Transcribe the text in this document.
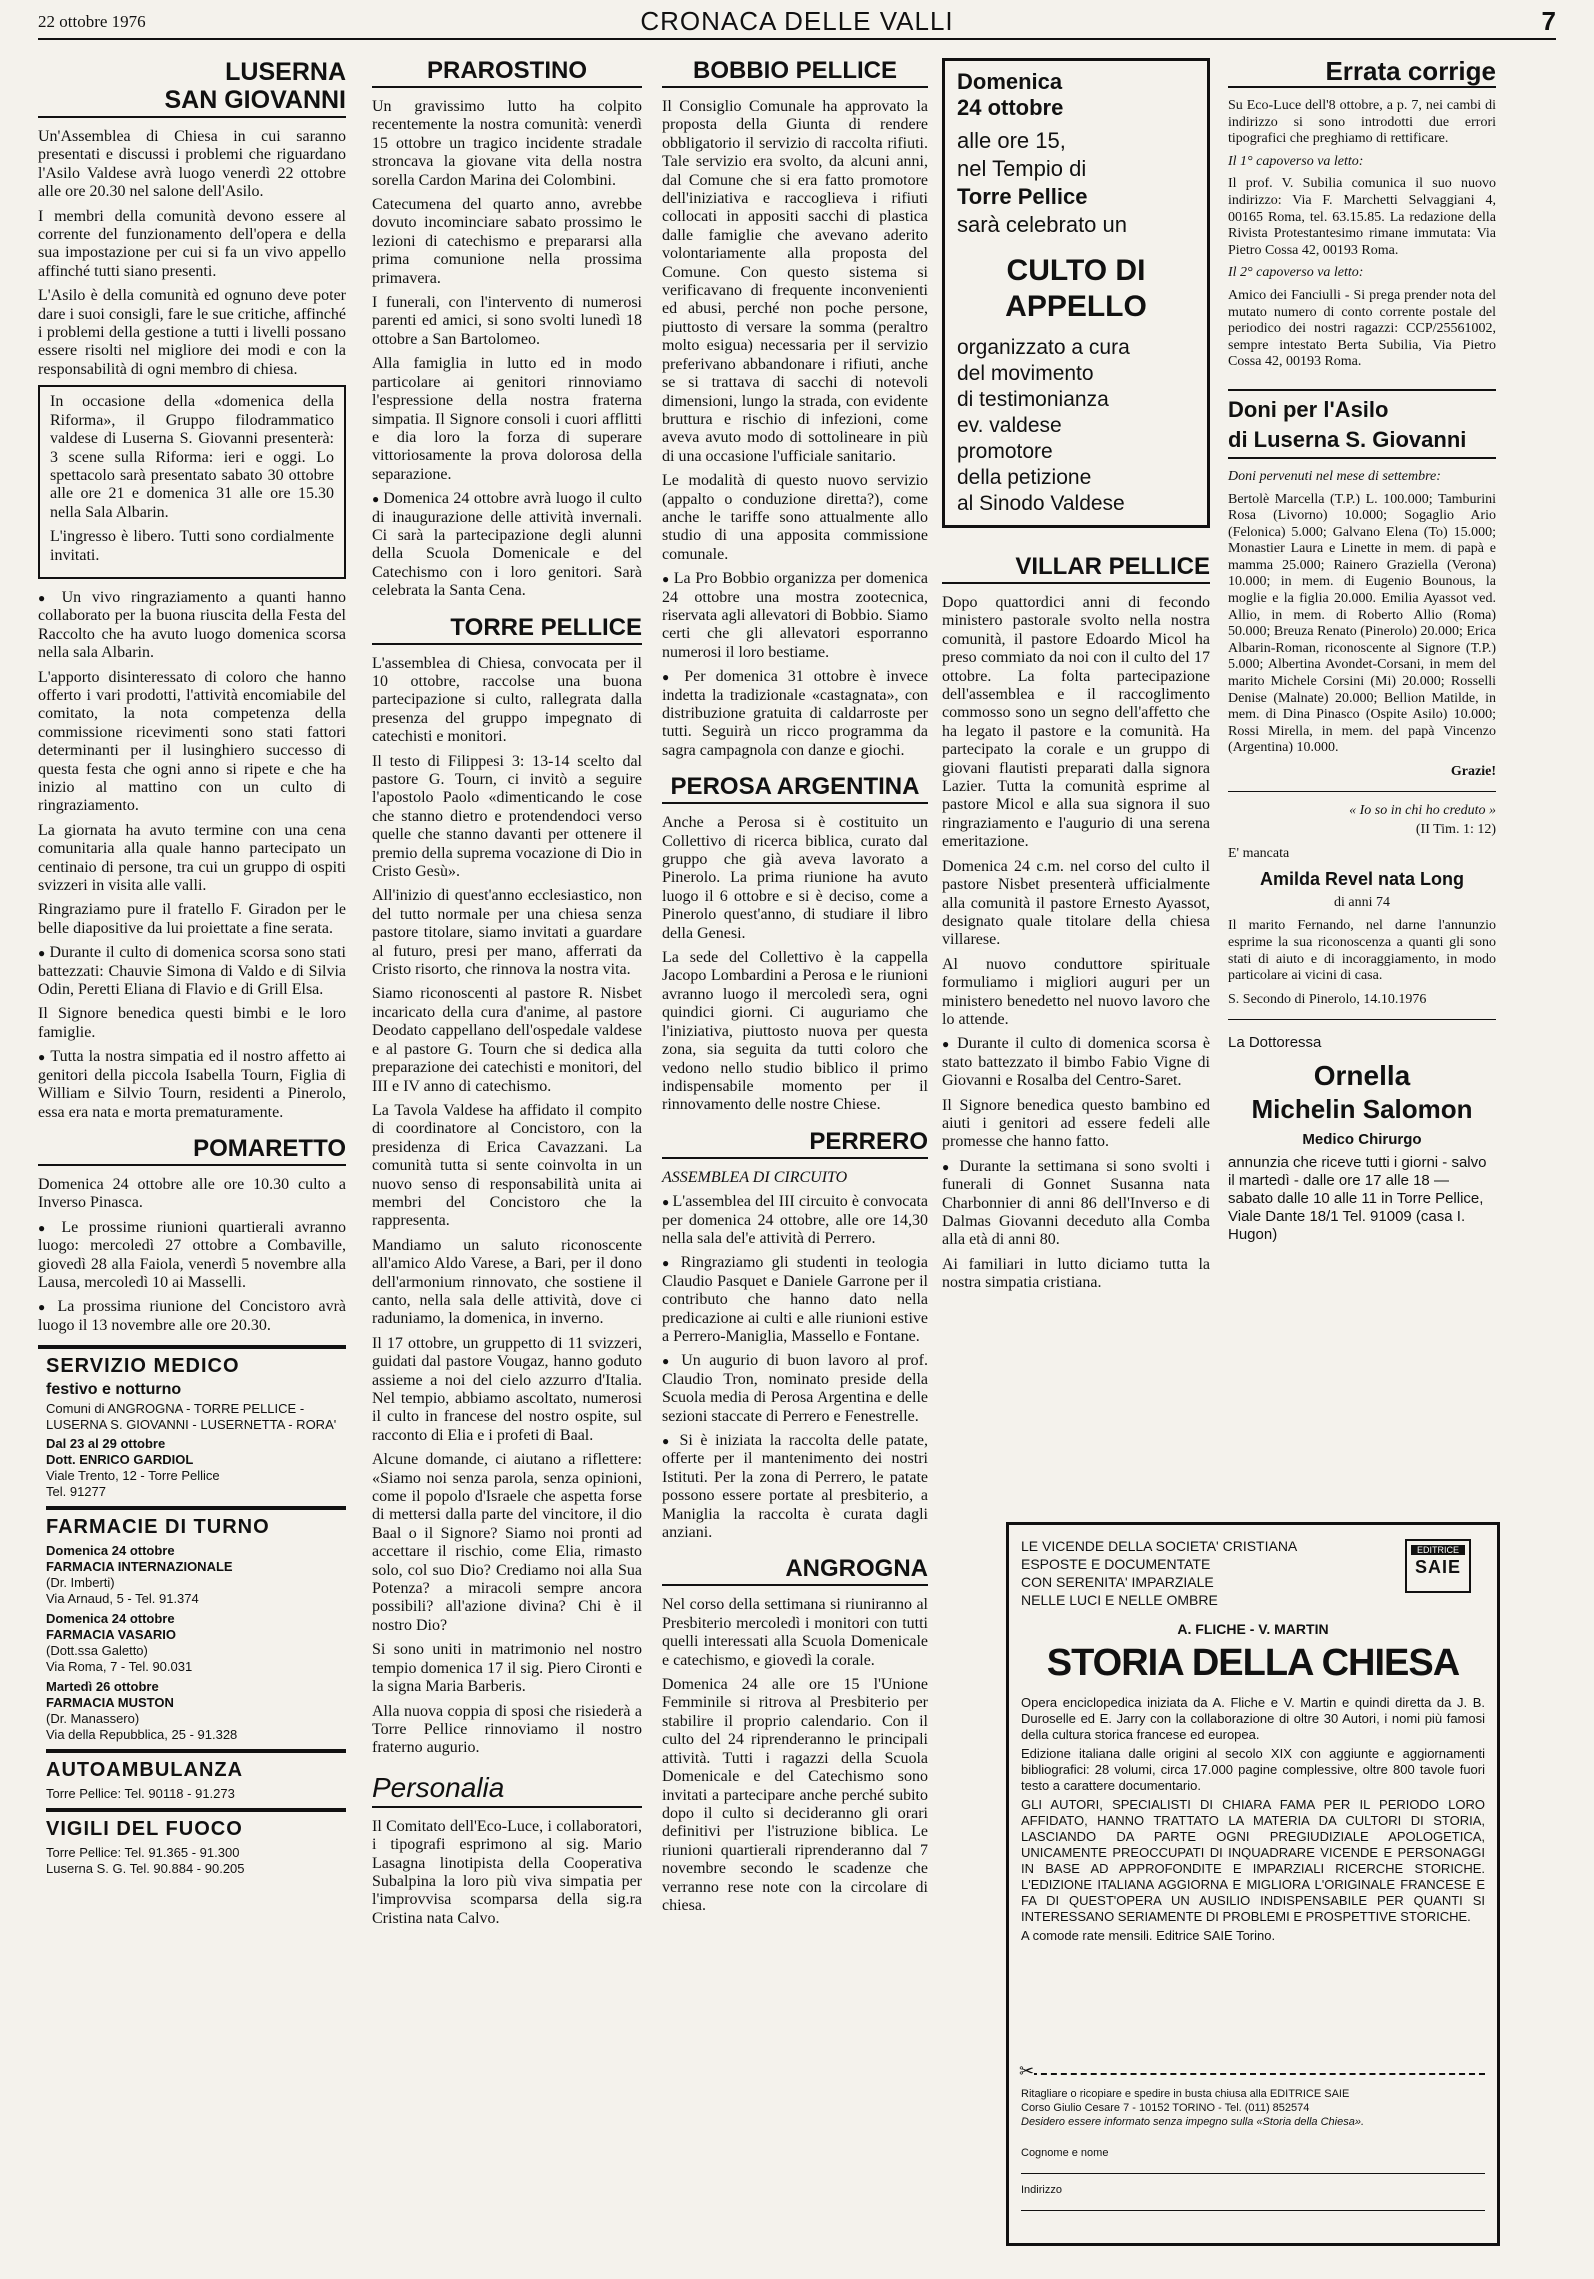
22 ottobre 1976	CRONACA DELLE VALLI	7
LUSERNA
SAN GIOVANNI

Un'Assemblea di Chiesa in cui saranno presentati e discussi i problemi che riguardano l'Asilo Valdese avrà luogo venerdì 22 ottobre alle ore 20.30 nel salone dell'Asilo.

I membri della comunità devono essere al corrente del funzionamento dell'opera e della sua impostazione per cui si fa un vivo appello affinché tutti siano presenti.

L'Asilo è della comunità ed ognuno deve poter dare i suoi consigli, fare le sue critiche, affinché i problemi della gestione a tutti i livelli possano essere risolti nel migliore dei modi e con la responsabilità di ogni membro di chiesa.

In occasione della «domenica della Riforma», il Gruppo filodrammatico valdese di Luserna S. Giovanni presenterà: 3 scene sulla Riforma: ieri e oggi. Lo spettacolo sarà presentato sabato 30 ottobre alle ore 21 e domenica 31 alle ore 15.30 nella Sala Albarin.

L'ingresso è libero. Tutti sono cordialmente invitati.

● Un vivo ringraziamento a quanti hanno collaborato per la buona riuscita della Festa del Raccolto che ha avuto luogo domenica scorsa nella sala Albarin.

L'apporto disinteressato di coloro che hanno offerto i vari prodotti, l'attività encomiabile del comitato, la nota competenza della commissione ricevimenti sono stati fattori determinanti per il lusinghiero successo di questa festa che ogni anno si ripete e che ha inizio al mattino con un culto di ringraziamento.

La giornata ha avuto termine con una cena comunitaria alla quale hanno partecipato un centinaio di persone, tra cui un gruppo di ospiti svizzeri in visita alle valli.

Ringraziamo pure il fratello F. Giradon per le belle diapositive da lui proiettate a fine serata.

● Durante il culto di domenica scorsa sono stati battezzati: Chauvie Simona di Valdo e di Silvia Odin, Peretti Eliana di Flavio e di Grill Elsa.

Il Signore benedica questi bimbi e le loro famiglie.

● Tutta la nostra simpatia ed il nostro affetto ai genitori della piccola Isabella Tourn, Figlia di William e Silvio Tourn, residenti a Pinerolo, essa era nata e morta prematuramente.

POMARETTO

Domenica 24 ottobre alle ore 10.30 culto a Inverso Pinasca.

● Le prossime riunioni quartierali avranno luogo: mercoledì 27 ottobre a Combaville, giovedì 28 alla Faiola, venerdì 5 novembre alla Lausa, mercoledì 10 ai Masselli.

● La prossima riunione del Concistoro avrà luogo il 13 novembre alle ore 20.30.

SERVIZIO MEDICO
festivo e notturno
Comuni di ANGROGNA - TORRE PELLICE - LUSERNA S. GIOVANNI - LUSERNETTA - RORA'
Dal 23 al 29 ottobre
Dott. ENRICO GARDIOL
Viale Trento, 12 - Torre Pellice
Tel. 91277
FARMACIE DI TURNO
Domenica 24 ottobre
FARMACIA INTERNAZIONALE
(Dr. Imberti)
Via Arnaud, 5 - Tel. 91.374
Domenica 24 ottobre
FARMACIA VASARIO
(Dott.ssa Galetto)
Via Roma, 7 - Tel. 90.031
Martedì 26 ottobre
FARMACIA MUSTON
(Dr. Manassero)
Via della Repubblica, 25 - 91.328
AUTOAMBULANZA
Torre Pellice: Tel. 90118 - 91.273
VIGILI DEL FUOCO
Torre Pellice: Tel. 91.365 - 91.300
Luserna S. G. Tel. 90.884 - 90.205
PRAROSTINO

Un gravissimo lutto ha colpito recentemente la nostra comunità: venerdì 15 ottobre un tragico incidente stradale stroncava la giovane vita della nostra sorella Cardon Marina dei Colombini.

Catecumena del quarto anno, avrebbe dovuto incominciare sabato prossimo le lezioni di catechismo e prepararsi alla prima comunione nella prossima primavera.

I funerali, con l'intervento di numerosi parenti ed amici, si sono svolti lunedì 18 ottobre a San Bartolomeo.

Alla famiglia in lutto ed in modo particolare ai genitori rinnoviamo l'espressione della nostra fraterna simpatia. Il Signore consoli i cuori afflitti e dia loro la forza di superare vittoriosamente la prova dolorosa della separazione.

● Domenica 24 ottobre avrà luogo il culto di inaugurazione delle attività invernali. Ci sarà la partecipazione degli alunni della Scuola Domenicale e del Catechismo con i loro genitori. Sarà celebrata la Santa Cena.

TORRE PELLICE

L'assemblea di Chiesa, convocata per il 10 ottobre, raccolse una buona partecipazione si culto, rallegrata dalla presenza del gruppo impegnato di catechisti e monitori.

Il testo di Filippesi 3: 13-14 scelto dal pastore G. Tourn, ci invitò a seguire l'apostolo Paolo «dimenticando le cose che stanno dietro e protendendoci verso quelle che stanno davanti per ottenere il premio della suprema vocazione di Dio in Cristo Gesù».

All'inizio di quest'anno ecclesiastico, non del tutto normale per una chiesa senza pastore titolare, siamo invitati a guardare al futuro, presi per mano, afferrati da Cristo risorto, che rinnova la nostra vita.

Siamo riconoscenti al pastore R. Nisbet incaricato della cura d'anime, al pastore Deodato cappellano dell'ospedale valdese e al pastore G. Tourn che si dedica alla preparazione dei catechisti e monitori, del III e IV anno di catechismo.

La Tavola Valdese ha affidato il compito di coordinatore al Concistoro, con la presidenza di Erica Cavazzani. La comunità tutta si sente coinvolta in un nuovo senso di responsabilità unita ai membri del Concistoro che la rappresenta.

Mandiamo un saluto riconoscente all'amico Aldo Varese, a Bari, per il dono dell'armonium rinnovato, che sostiene il canto, nella sala delle attività, dove ci raduniamo, la domenica, in inverno.

Il 17 ottobre, un gruppetto di 11 svizzeri, guidati dal pastore Vougaz, hanno goduto assieme a noi del cielo azzurro d'Italia. Nel tempio, abbiamo ascoltato, numerosi il culto in francese del nostro ospite, sul racconto di Elia e i profeti di Baal.

Alcune domande, ci aiutano a riflettere: «Siamo noi senza parola, senza opinioni, come il popolo d'Israele che aspetta forse di mettersi dalla parte del vincitore, il dio Baal o il Signore? Siamo noi pronti ad accettare il rischio, come Elia, rimasto solo, col suo Dio? Crediamo noi alla Sua Potenza? a miracoli sempre ancora possibili? all'azione divina? Chi è il nostro Dio?

Si sono uniti in matrimonio nel nostro tempio domenica 17 il sig. Piero Cironti e la signa Maria Barberis.

Alla nuova coppia di sposi che risiederà a Torre Pellice rinnoviamo il nostro fraterno augurio.

Personalia

Il Comitato dell'Eco-Luce, i collaboratori, i tipografi esprimono al sig. Mario Lasagna linotipista della Cooperativa Subalpina la loro più viva simpatia per l'improvvisa scomparsa della sig.ra Cristina nata Calvo.

BOBBIO PELLICE

Il Consiglio Comunale ha approvato la proposta della Giunta di rendere obbligatorio il servizio di raccolta rifiuti. Tale servizio era svolto, da alcuni anni, dal Comune che si era fatto promotore dell'iniziativa e raccoglieva i rifiuti collocati in appositi sacchi di plastica dalle famiglie che avevano aderito volontariamente alla proposta del Comune. Con questo sistema si verificavano di frequente inconvenienti ed abusi, perché non poche persone, piuttosto di versare la somma (peraltro molto esigua) necessaria per il servizio preferivano abbandonare i rifiuti, anche se si trattava di sacchi di notevoli dimensioni, lungo la strada, con evidente bruttura e rischio di infezioni, come aveva avuto modo di sottolineare in più di una occasione l'ufficiale sanitario.

Le modalità di questo nuovo servizio (appalto o conduzione diretta?), come anche le tariffe sono attualmente allo studio di una apposita commissione comunale.

● La Pro Bobbio organizza per domenica 24 ottobre una mostra zootecnica, riservata agli allevatori di Bobbio. Siamo certi che gli allevatori esporranno numerosi il loro bestiame.

● Per domenica 31 ottobre è invece indetta la tradizionale «castagnata», con distribuzione gratuita di caldarroste per tutti. Seguirà un ricco programma da sagra campagnola con danze e giochi.

PEROSA ARGENTINA

Anche a Perosa si è costituito un Collettivo di ricerca biblica, curato dal gruppo che già aveva lavorato a Pinerolo. La prima riunione ha avuto luogo il 6 ottobre e si è deciso, come a Pinerolo quest'anno, di studiare il libro della Genesi.

La sede del Collettivo è la cappella Jacopo Lombardini a Perosa e le riunioni avranno luogo il mercoledì sera, ogni quindici giorni. Ci auguriamo che l'iniziativa, piuttosto nuova per questa zona, sia seguita da tutti coloro che vedono nello studio biblico il primo indispensabile momento per il rinnovamento delle nostre Chiese.

PERRERO

ASSEMBLEA DI CIRCUITO

● L'assemblea del III circuito è convocata per domenica 24 ottobre, alle ore 14,30 nella sala del'e attività di Perrero.

● Ringraziamo gli studenti in teologia Claudio Pasquet e Daniele Garrone per il contributo che hanno dato nella predicazione ai culti e alle riunioni estive a Perrero-Maniglia, Massello e Fontane.

● Un augurio di buon lavoro al prof. Claudio Tron, nominato preside della Scuola media di Perosa Argentina e delle sezioni staccate di Perrero e Fenestrelle.

● Si è iniziata la raccolta delle patate, offerte per il mantenimento dei nostri Istituti. Per la zona di Perrero, le patate possono essere portate al presbiterio, a Maniglia la raccolta è curata dagli anziani.

ANGROGNA

Nel corso della settimana si riuniranno al Presbiterio mercoledì i monitori con tutti quelli interessati alla Scuola Domenicale e catechismo, e giovedì la corale.

Domenica 24 alle ore 15 l'Unione Femminile si ritrova al Presbiterio per stabilire il proprio calendario. Con il culto del 24 riprenderanno le principali attività. Tutti i ragazzi della Scuola Domenicale e del Catechismo sono invitati a partecipare anche perché subito dopo il culto si decideranno gli orari definitivi per l'istruzione biblica. Le riunioni quartierali riprenderanno dal 7 novembre secondo le scadenze che verranno rese note con la circolare di chiesa.

Domenica
24 ottobre
alle ore 15,
nel Tempio di
Torre Pellice
sarà celebrato un
CULTO DI
APPELLO
organizzato a cura
del movimento
di testimonianza
ev. valdese
promotore
della petizione
al Sinodo Valdese
VILLAR PELLICE

Dopo quattordici anni di fecondo ministero pastorale svolto nella nostra comunità, il pastore Edoardo Micol ha preso commiato da noi con il culto del 17 ottobre. La folta partecipazione dell'assemblea e il raccoglimento commosso sono un segno dell'affetto che ha legato il pastore e la comunità. Ha partecipato la corale e un gruppo di giovani flautisti preparati dalla signora Lazier. Tutta la comunità esprime al pastore Micol e alla sua signora il suo ringraziamento e l'augurio di una serena emeritazione.

Domenica 24 c.m. nel corso del culto il pastore Nisbet presenterà ufficialmente alla comunità il pastore Ernesto Ayassot, designato quale titolare della chiesa villarese.

Al nuovo conduttore spirituale formuliamo i migliori auguri per un ministero benedetto nel nuovo lavoro che lo attende.

● Durante il culto di domenica scorsa è stato battezzato il bimbo Fabio Vigne di Giovanni e Rosalba del Centro-Saret.

Il Signore benedica questo bambino ed aiuti i genitori ad essere fedeli alle promesse che hanno fatto.

● Durante la settimana si sono svolti i funerali di Gonnet Susanna nata Charbonnier di anni 86 dell'Inverso e di Dalmas Giovanni deceduto alla Comba alla età di anni 80.

Ai familiari in lutto diciamo tutta la nostra simpatia cristiana.

Errata corrige

Su Eco-Luce dell'8 ottobre, a p. 7, nei cambi di indirizzo si sono introdotti due errori tipografici che preghiamo di rettificare.

Il 1° capoverso va letto:

Il prof. V. Subilia comunica il suo nuovo indirizzo: Via F. Marchetti Selvaggiani 4, 00165 Roma, tel. 63.15.85. La redazione della Rivista Protestantesimo rimane immutata: Via Pietro Cossa 42, 00193 Roma.

Il 2° capoverso va letto:

Amico dei Fanciulli - Si prega prender nota del mutato numero di conto corrente postale del periodico dei nostri ragazzi: CCP/25561002, sempre intestato Berta Subilia, Via Pietro Cossa 42, 00193 Roma.

Doni per l'Asilo
di Luserna S. Giovanni

Doni pervenuti nel mese di settembre:

Bertolè Marcella (T.P.) L. 100.000; Tamburini Rosa (Livorno) 10.000; Sogaglio Ario (Felonica) 5.000; Galvano Elena (To) 15.000; Monastier Laura e Linette in mem. di papà e mamma 25.000; Rainero Graziella (Verona) 10.000; in mem. di Eugenio Bounous, la moglie e la figlia 20.000. Emilia Ayassot ved. Allio, in mem. di Roberto Allio (Roma) 50.000; Breuza Renato (Pinerolo) 20.000; Erica Albarin-Roman, riconoscente al Signore (T.P.) 5.000; Albertina Avondet-Corsani, in mem del marito Michele Corsini (Mi) 20.000; Rosselli Denise (Malnate) 20.000; Bellion Matilde, in mem. di Dina Pinasco (Ospite Asilo) 10.000; Rossi Mirella, in mem. del papà Vincenzo (Argentina) 10.000.

Grazie!

« Io so in chi ho creduto »

(II Tim. 1: 12)

E' mancata

Amilda Revel nata Long

di anni 74

Il marito Fernando, nel darne l'annunzio esprime la sua riconoscenza a quanti gli sono stati di aiuto e di incoraggiamento, in modo particolare ai vicini di casa.

S. Secondo di Pinerolo, 14.10.1976

La Dottoressa

Ornella
Michelin Salomon
Medico Chirurgo

annunzia che riceve tutti i giorni - salvo il martedì - dalle ore 17 alle 18 — sabato dalle 10 alle 11 in Torre Pellice, Viale Dante 18/1 Tel. 91009 (casa I. Hugon)

LE VICENDE DELLA SOCIETA' CRISTIANA
ESPOSTE E DOCUMENTATE
CON SERENITA' IMPARZIALE
NELLE LUCI E NELLE OMBRE
EDITRICE
SAIE
A. FLICHE - V. MARTIN
STORIA DELLA CHIESA

Opera enciclopedica iniziata da A. Fliche e V. Martin e quindi diretta da J. B. Duroselle ed E. Jarry con la collaborazione di oltre 30 Autori, i nomi più famosi della cultura storica francese ed europea.

Edizione italiana dalle origini al secolo XIX con aggiunte e aggiornamenti bibliografici: 28 volumi, circa 17.000 pagine complessive, oltre 800 tavole fuori testo a carattere documentario.

GLI AUTORI, SPECIALISTI DI CHIARA FAMA PER IL PERIODO LORO AFFIDATO, HANNO TRATTATO LA MATERIA DA CULTORI DI STORIA, LASCIANDO DA PARTE OGNI PREGIUDIZIALE APOLOGETICA, UNICAMENTE PREOCCUPATI DI INQUADRARE VICENDE E PERSONAGGI IN BASE AD APPROFONDITE E IMPARZIALI RICERCHE STORICHE. L'EDIZIONE ITALIANA AGGIORNA E MIGLIORA L'ORIGINALE FRANCESE E FA DI QUEST'OPERA UN AUSILIO INDISPENSABILE PER QUANTI SI INTERESSANO SERIAMENTE DI PROBLEMI E PROSPETTIVE STORICHE.

A comode rate mensili. Editrice SAIE Torino.

✂
Ritagliare o ricopiare e spedire in busta chiusa alla EDITRICE SAIE
Corso Giulio Cesare 7 - 10152 TORINO - Tel. (011) 852574
Desidero essere informato senza impegno sulla «Storia della Chiesa».
Cognome e nome
Indirizzo
